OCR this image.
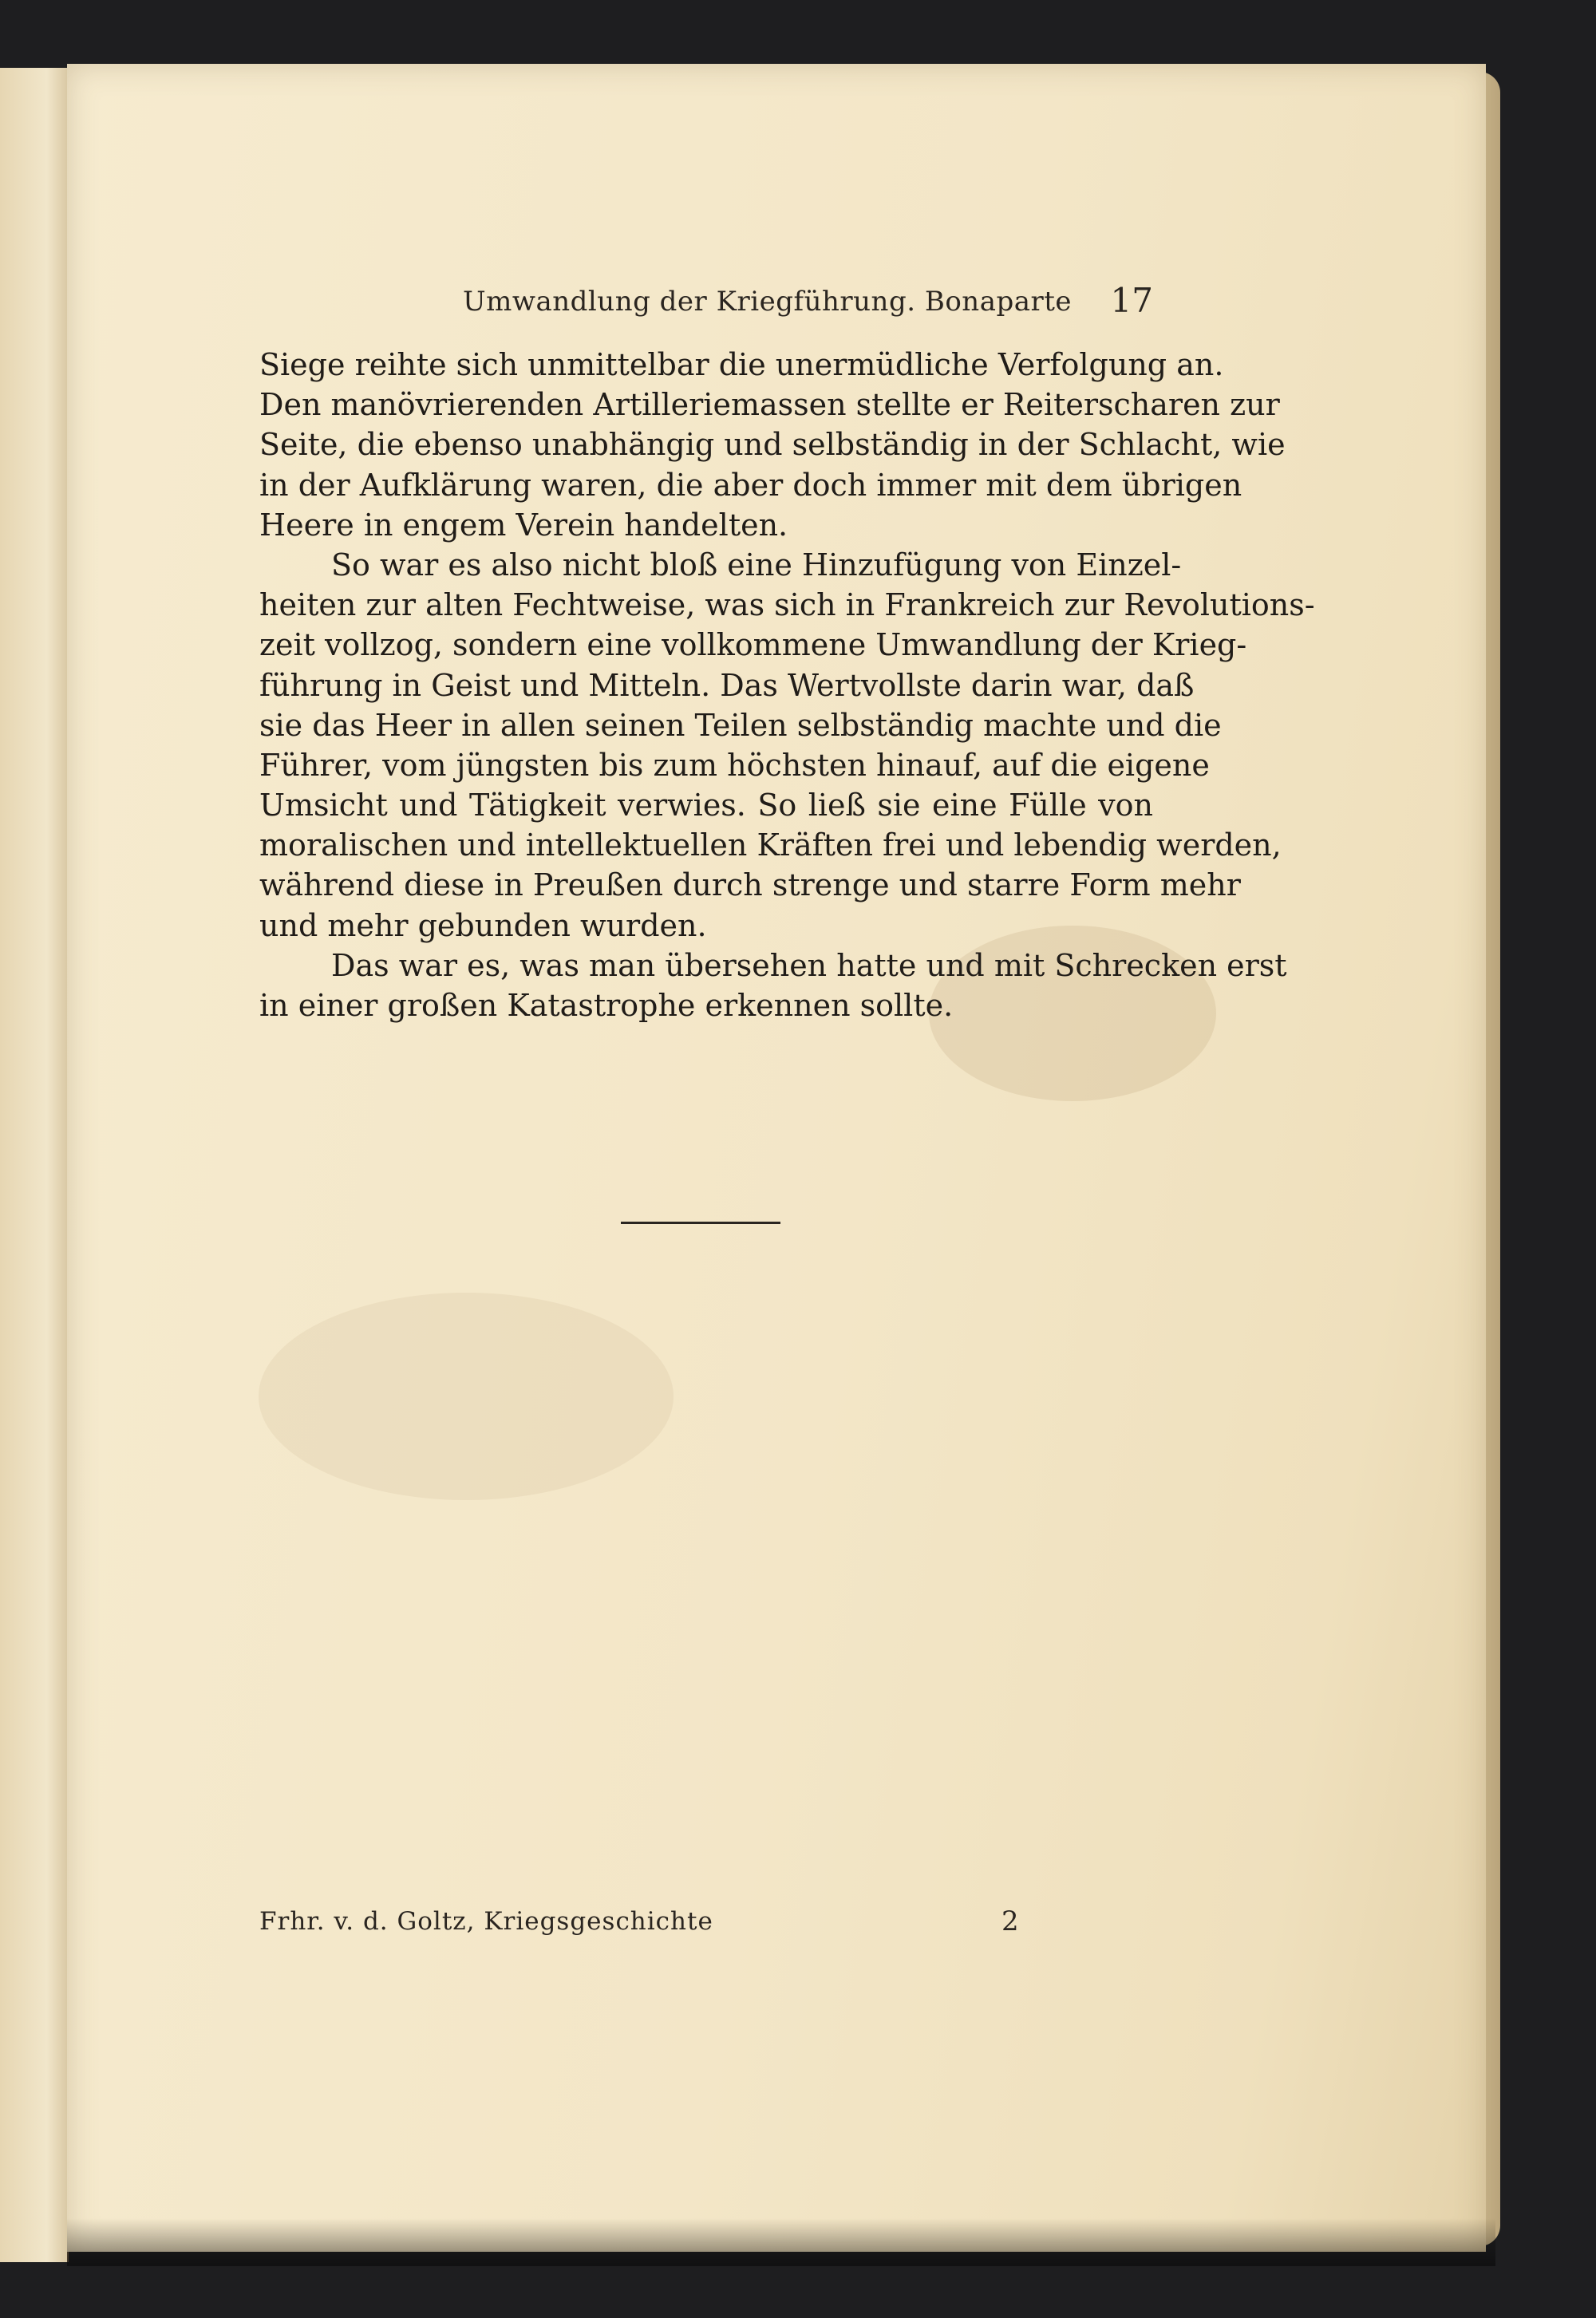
Umwandlung der Kriegführung. Bonaparte 17
Siege reihte sich unmittelbar die unermüdliche Verfolgung an.
Den manövrierenden Artilleriemassen stellte er Reiterscharen zur
Seite, die ebenso unabhängig und selbständig in der Schlacht, wie
in der Aufklärung waren, die aber doch immer mit dem übrigen
Heere in engem Verein handelten.
So war es also nicht bloß eine Hinzufügung von Einzel-
heiten zur alten Fechtweise, was sich in Frankreich zur Revolutions-
zeit vollzog, sondern eine vollkommene Umwandlung der Krieg-
führung in Geist und Mitteln. Das Wertvollste darin war, daß
sie das Heer in allen seinen Teilen selbständig machte und die
Führer, vom jüngsten bis zum höchsten hinauf, auf die eigene
Umsicht und Tätigkeit verwies. So ließ sie eine Fülle von
moralischen und intellektuellen Kräften frei und lebendig werden,
während diese in Preußen durch strenge und starre Form mehr
und mehr gebunden wurden.
Das war es, was man übersehen hatte und mit Schrecken erst
in einer großen Katastrophe erkennen sollte.
Frhr. v. d. Goltz, Kriegsgeschichte	2
